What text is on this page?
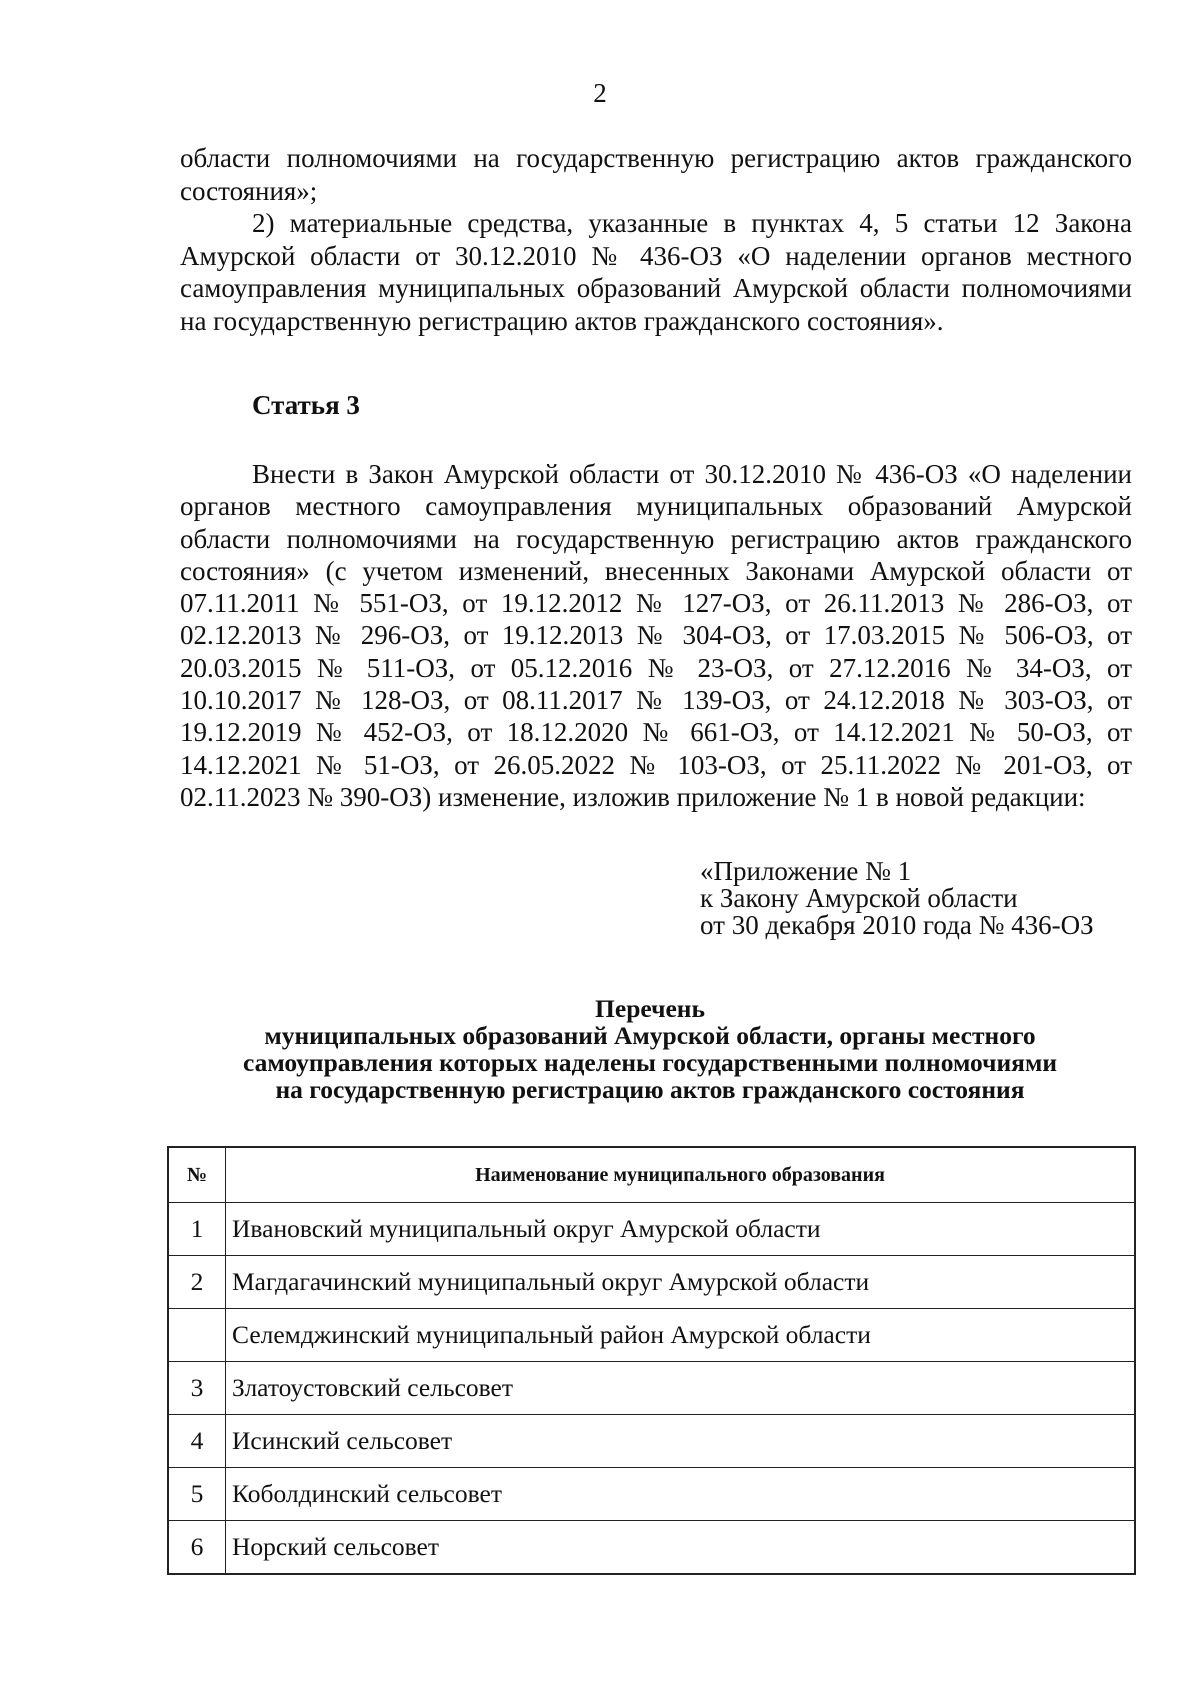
2
области полномочиями на государственную регистрацию актов гражданского состояния»;
2) материальные средства, указанные в пунктах 4, 5 статьи 12 Закона Амурской области от 30.12.2010 № 436-ОЗ «О наделении органов местного самоуправления муниципальных образований Амурской области полномочиями на государственную регистрацию актов гражданского состояния».
Статья 3
Внести в Закон Амурской области от 30.12.2010 № 436-ОЗ «О наделении органов местного самоуправления муниципальных образований Амурской области полномочиями на государственную регистрацию актов гражданского состояния» (с учетом изменений, внесенных Законами Амурской области от 07.11.2011 № 551-ОЗ, от 19.12.2012 № 127-ОЗ, от 26.11.2013 № 286-ОЗ, от 02.12.2013 № 296-ОЗ, от 19.12.2013 № 304-ОЗ, от 17.03.2015 № 506-ОЗ, от 20.03.2015 № 511-ОЗ, от 05.12.2016 № 23-ОЗ, от 27.12.2016 № 34-ОЗ, от 10.10.2017 № 128-ОЗ, от 08.11.2017 № 139-ОЗ, от 24.12.2018 № 303-ОЗ, от 19.12.2019 № 452-ОЗ, от 18.12.2020 № 661-ОЗ, от 14.12.2021 № 50-ОЗ, от 14.12.2021 № 51-ОЗ, от 26.05.2022 № 103-ОЗ, от 25.11.2022 № 201-ОЗ, от 02.11.2023 № 390-ОЗ) изменение, изложив приложение № 1 в новой редакции:
«Приложение № 1
к Закону Амурской области
от 30 декабря 2010 года № 436-ОЗ
Перечень
муниципальных образований Амурской области, органы местного
самоуправления которых наделены государственными полномочиями
на государственную регистрацию актов гражданского состояния
№	Наименование муниципального образования
1	Ивановский муниципальный округ Амурской области
2	Магдагачинский муниципальный округ Амурской области
	Селемджинский муниципальный район Амурской области
3	Златоустовский сельсовет
4	Исинский сельсовет
5	Коболдинский сельсовет
6	Норский сельсовет
